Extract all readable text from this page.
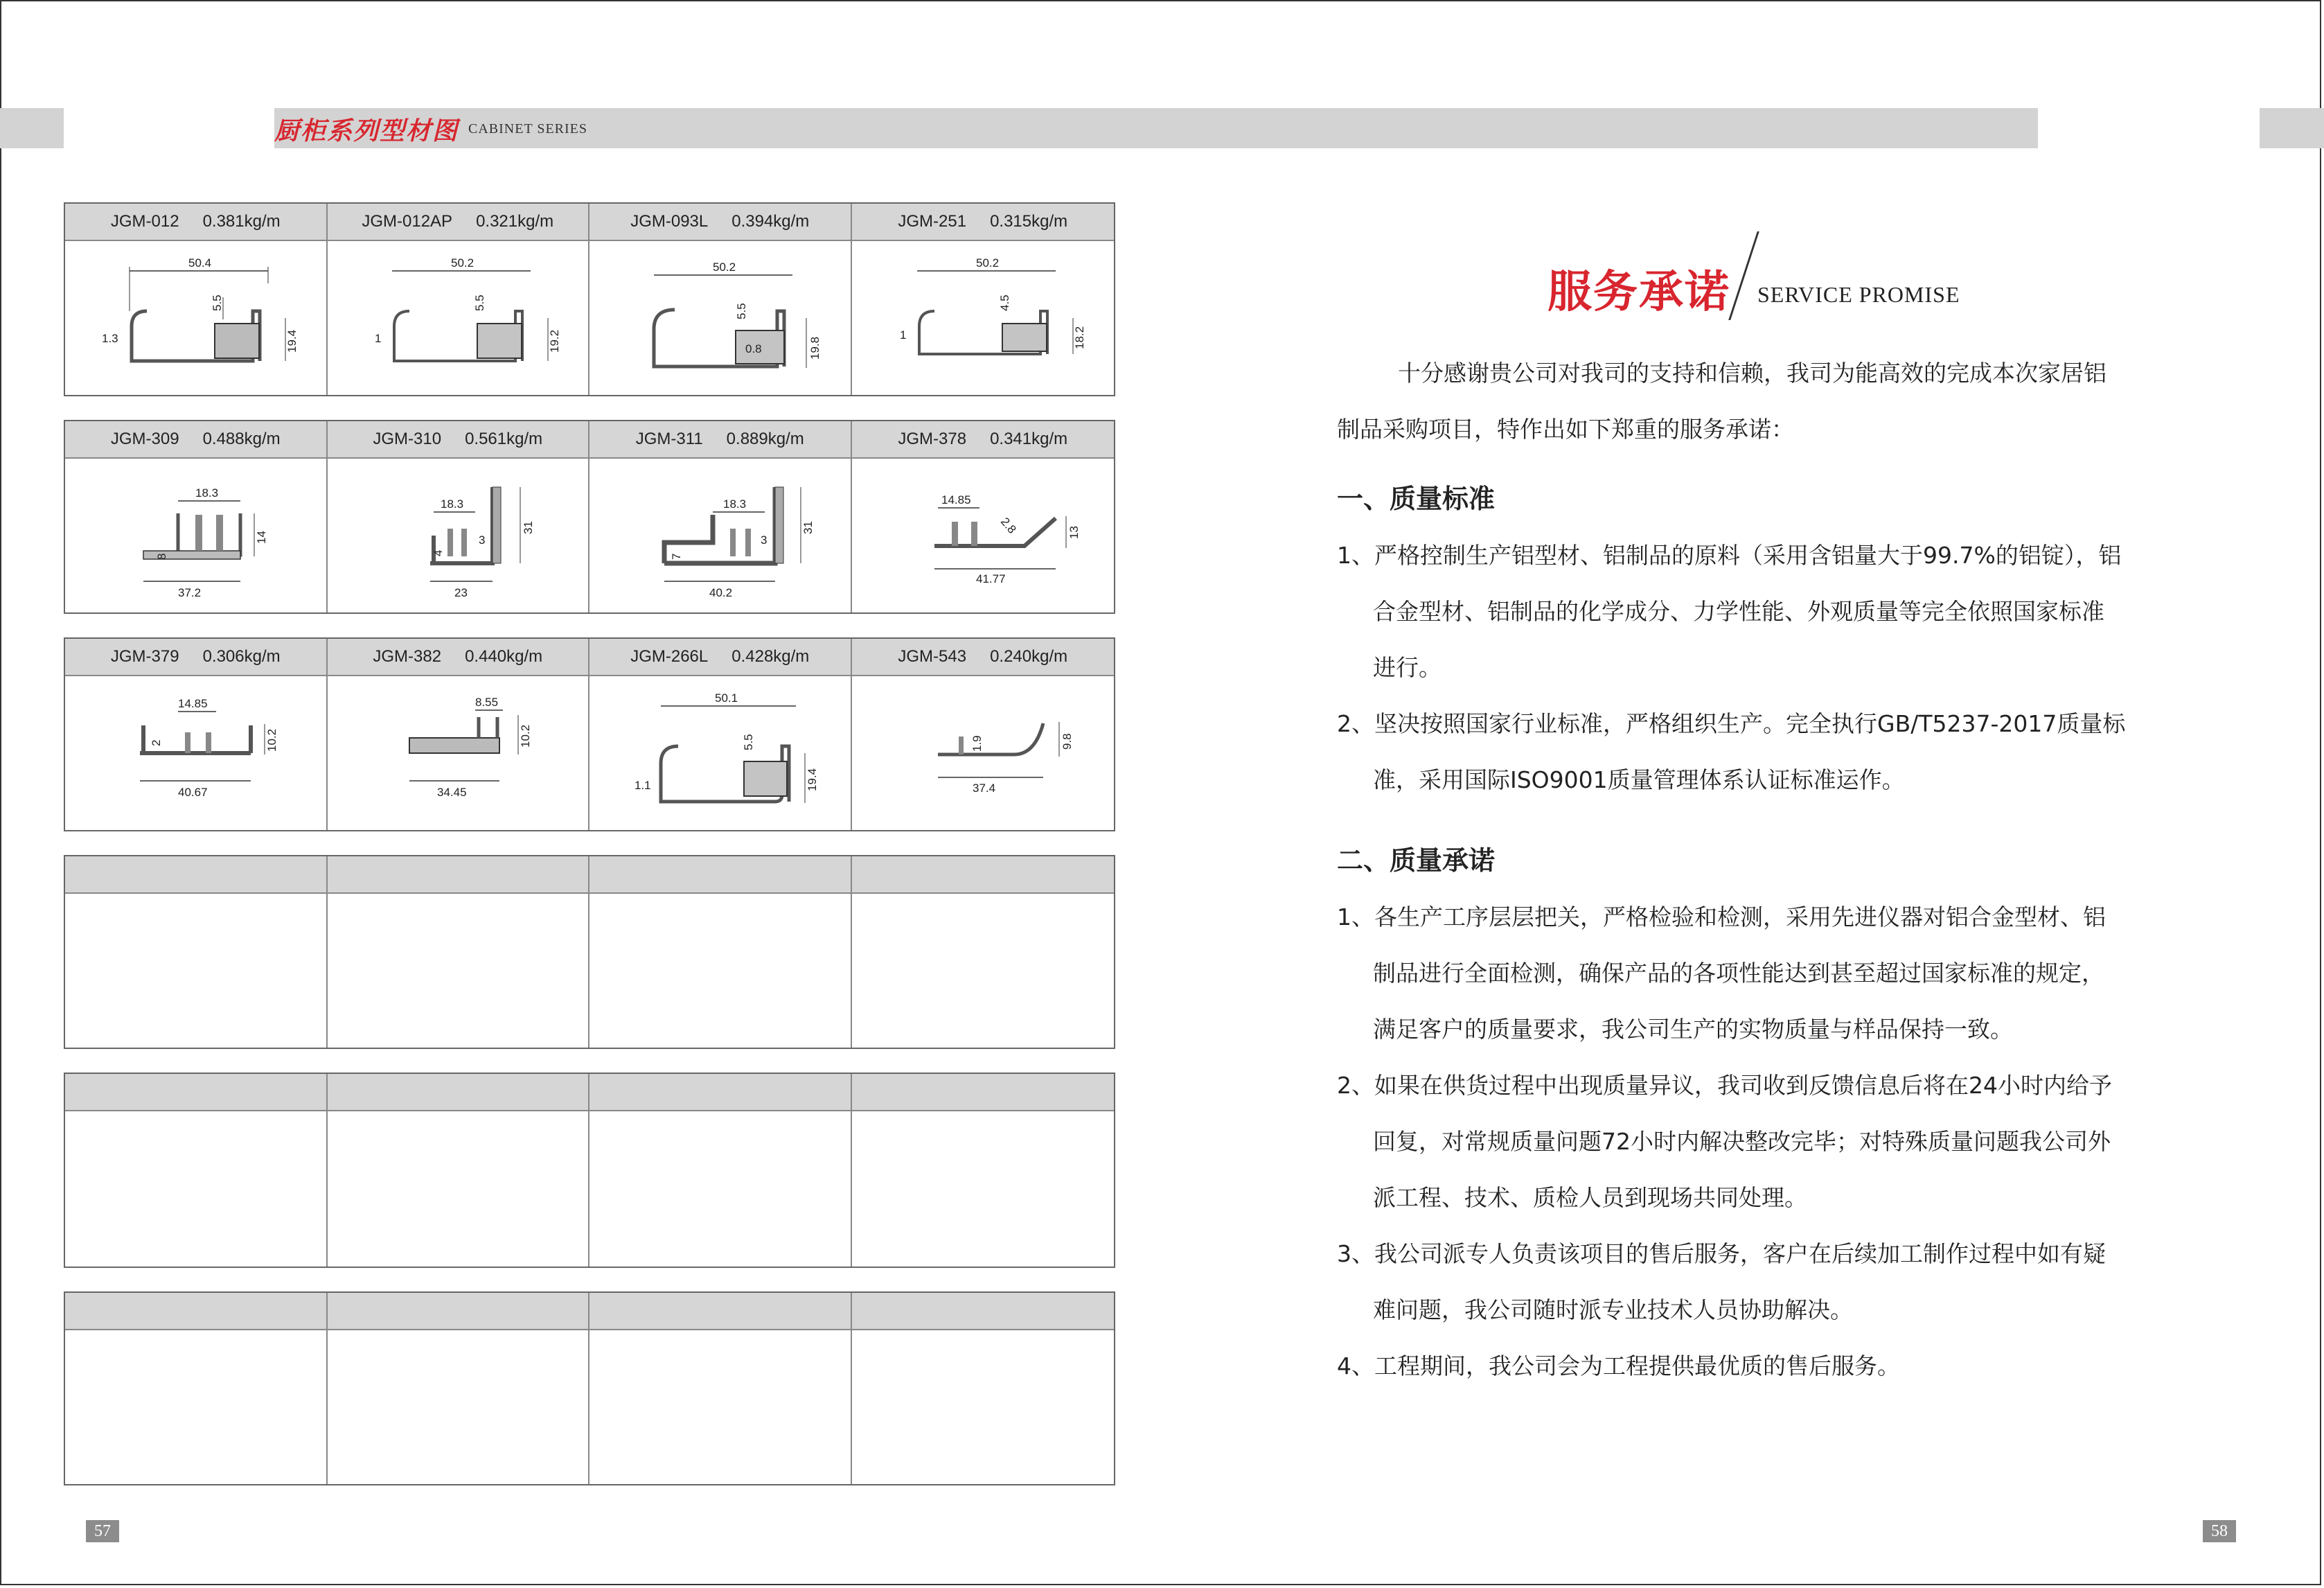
厨柜系列型材图 CABINET SERIES
JGM-012 0.381kg/m
50.4
5.5
19.4
1.3
JGM-012AP 0.321kg/m
50.2
5.5
19.2
1
JGM-093L 0.394kg/m
50.2
5.5
19.8
0.8
JGM-251 0.315kg/m
50.2
4.5
18.2
1
JGM-309 0.488kg/m
18.3
14
8
37.2
JGM-310 0.561kg/m
18.3
31
3
4
23
JGM-311 0.889kg/m
18.3
31
3
7
40.2
JGM-378 0.341kg/m
14.85
2.8	13
41.77
JGM-379 0.306kg/m
14.85
2	10.2
40.67
JGM-382 0.440kg/m
8.55
10.2
34.45
JGM-266L 0.428kg/m
50.1
5.5
19.4
1.1
JGM-543 0.240kg/m
1.9	9.8
37.4
57
服务承诺 SERVICE PROMISE

十分感谢贵公司对我司的支持和信赖，我司为能高效的完成本次家居铝制品采购项目，特作出如下郑重的服务承诺：

一、质量标准

1、严格控制生产铝型材、铝制品的原料（采用含铝量大于99.7%的铝锭），铝合金型材、铝制品的化学成分、力学性能、外观质量等完全依照国家标准进行。

2、坚决按照国家行业标准，严格组织生产。完全执行GB/T5237-2017质量标准，采用国际ISO9001质量管理体系认证标准运作。

二、质量承诺

1、各生产工序层层把关，严格检验和检测，采用先进仪器对铝合金型材、铝制品进行全面检测，确保产品的各项性能达到甚至超过国家标准的规定，满足客户的质量要求，我公司生产的实物质量与样品保持一致。

2、如果在供货过程中出现质量异议，我司收到反馈信息后将在24小时内给予回复，对常规质量问题72小时内解决整改完毕；对特殊质量问题我公司外派工程、技术、质检人员到现场共同处理。

3、我公司派专人负责该项目的售后服务，客户在后续加工制作过程中如有疑难问题，我公司随时派专业技术人员协助解决。

4、工程期间，我公司会为工程提供最优质的售后服务。

58
